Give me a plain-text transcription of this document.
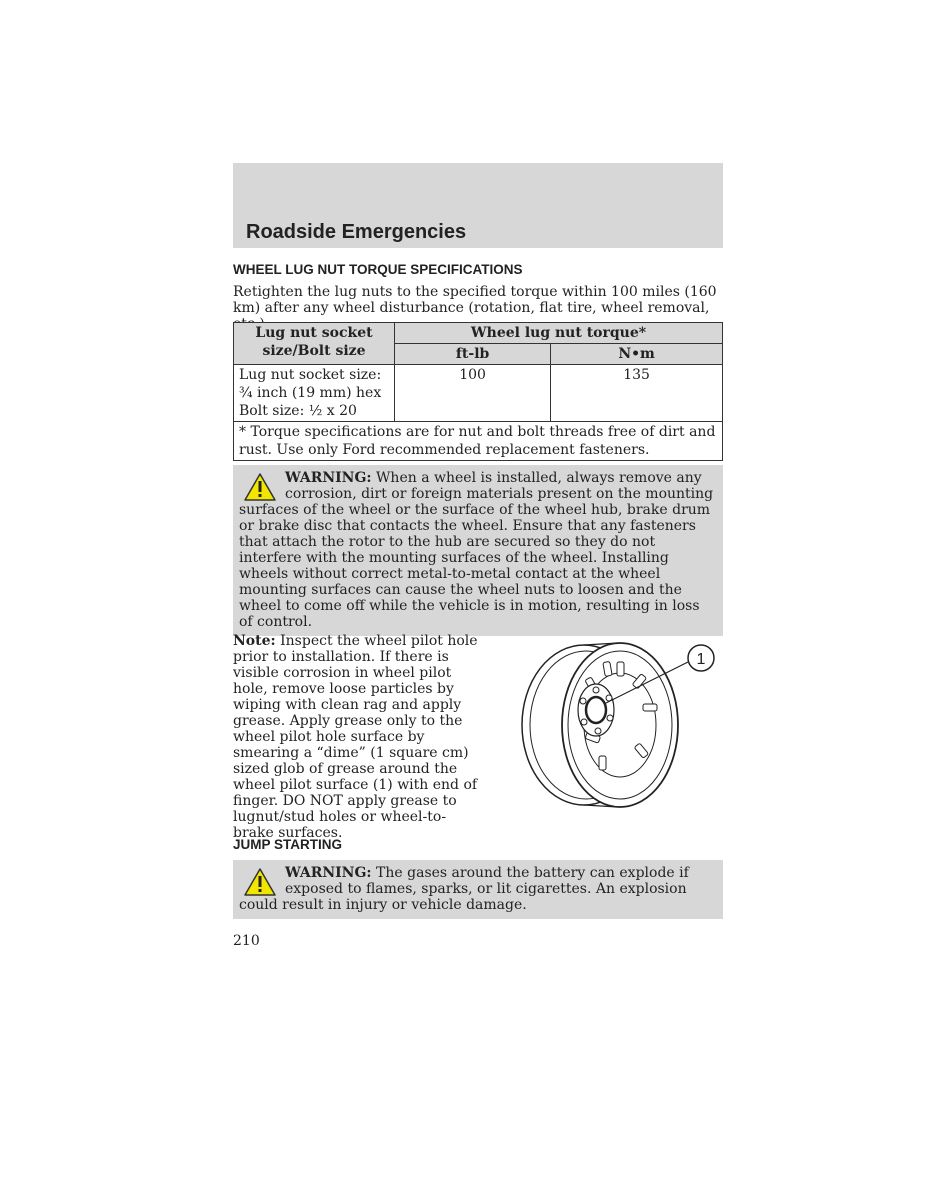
Roadside Emergencies
WHEEL LUG NUT TORQUE SPECIFICATIONS
Retighten the lug nuts to the specified torque within 100 miles (160 km) after any wheel disturbance (rotation, flat tire, wheel removal,
Lug nut socket size/Bolt size	Wheel lug nut torque*	
	ft-lb	N•m

Lug nut socket size: ¾ inch (19 mm) hex
Bolt size: ½ x 20	100	135
* Torque specifications are for nut and bolt threads free of dirt and rust. Use only Ford recommended replacement fasteners.		
WARNING: When a wheel is installed, always remove any corrosion, dirt or foreign materials present on the mounting surfaces of the wheel or the surface of the wheel hub, brake drum or brake disc that contacts the wheel. Ensure that any fasteners that attach the rotor to the hub are secured so they do not interfere with the mounting surfaces of the wheel. Installing wheels without correct metal-to-metal contact at the wheel mounting surfaces can cause the wheel nuts to loosen and the wheel to come off while the vehicle is in motion, resulting in loss of control.
Note: Inspect the wheel pilot hole prior to installation. If there is visible corrosion in wheel pilot hole, remove loose particles by wiping with clean rag and apply grease. Apply grease only to the wheel pilot hole surface by smearing a “dime” (1 square cm) sized glob of grease around the wheel pilot surface (1) with end of finger. DO NOT apply grease to lugnut/stud holes or wheel-to-brake surfaces.
1
JUMP STARTING
WARNING: The gases around the battery can explode if exposed to flames, sparks, or lit cigarettes. An explosion could result in injury or vehicle damage.
210
